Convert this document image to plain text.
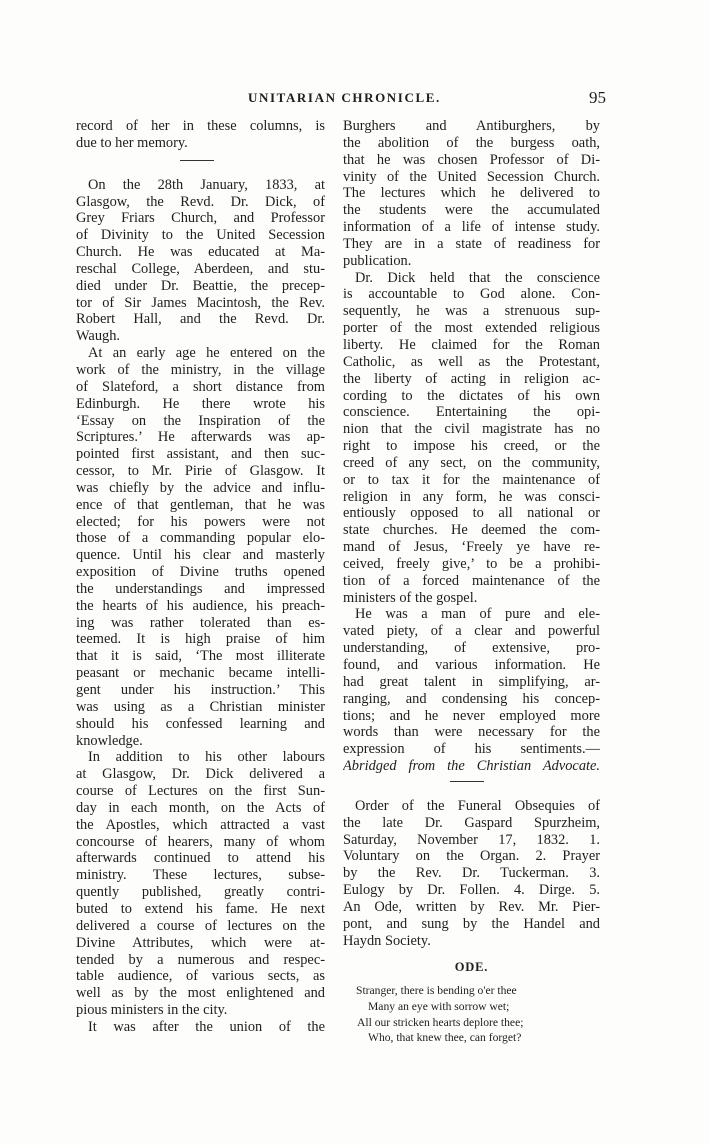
UNITARIAN CHRONICLE.	95
record of her in these columns, is
due to her memory.
On the 28th January, 1833, at
Glasgow, the Revd. Dr. Dick, of
Grey Friars Church, and Professor
of Divinity to the United Secession
Church. He was educated at Ma-
reschal College, Aberdeen, and stu-
died under Dr. Beattie, the precep-
tor of Sir James Macintosh, the Rev.
Robert Hall, and the Revd. Dr.
Waugh.
At an early age he entered on the
work of the ministry, in the village
of Slateford, a short distance from
Edinburgh. He there wrote his
‘Essay on the Inspiration of the
Scriptures.’ He afterwards was ap-
pointed first assistant, and then suc-
cessor, to Mr. Pirie of Glasgow. It
was chiefly by the advice and influ-
ence of that gentleman, that he was
elected; for his powers were not
those of a commanding popular elo-
quence. Until his clear and masterly
exposition of Divine truths opened
the understandings and impressed
the hearts of his audience, his preach-
ing was rather tolerated than es-
teemed. It is high praise of him
that it is said, ‘The most illiterate
peasant or mechanic became intelli-
gent under his instruction.’ This
was using as a Christian minister
should his confessed learning and
knowledge.
In addition to his other labours
at Glasgow, Dr. Dick delivered a
course of Lectures on the first Sun-
day in each month, on the Acts of
the Apostles, which attracted a vast
concourse of hearers, many of whom
afterwards continued to attend his
ministry. These lectures, subse-
quently published, greatly contri-
buted to extend his fame. He next
delivered a course of lectures on the
Divine Attributes, which were at-
tended by a numerous and respec-
table audience, of various sects, as
well as by the most enlightened and
pious ministers in the city.
It was after the union of the
Burghers and Antiburghers, by
the abolition of the burgess oath,
that he was chosen Professor of Di-
vinity of the United Secession Church.
The lectures which he delivered to
the students were the accumulated
information of a life of intense study.
They are in a state of readiness for
publication.
Dr. Dick held that the conscience
is accountable to God alone. Con-
sequently, he was a strenuous sup-
porter of the most extended religious
liberty. He claimed for the Roman
Catholic, as well as the Protestant,
the liberty of acting in religion ac-
cording to the dictates of his own
conscience. Entertaining the opi-
nion that the civil magistrate has no
right to impose his creed, or the
creed of any sect, on the community,
or to tax it for the maintenance of
religion in any form, he was consci-
entiously opposed to all national or
state churches. He deemed the com-
mand of Jesus, ‘Freely ye have re-
ceived, freely give,’ to be a prohibi-
tion of a forced maintenance of the
ministers of the gospel.
He was a man of pure and ele-
vated piety, of a clear and powerful
understanding, of extensive, pro-
found, and various information. He
had great talent in simplifying, ar-
ranging, and condensing his concep-
tions; and he never employed more
words than were necessary for the
expression of his sentiments.—
Abridged from the Christian Advocate.
Order of the Funeral Obsequies of
the late Dr. Gaspard Spurzheim,
Saturday, November 17, 1832. 1.
Voluntary on the Organ. 2. Prayer
by the Rev. Dr. Tuckerman. 3.
Eulogy by Dr. Follen. 4. Dirge. 5.
An Ode, written by Rev. Mr. Pier-
pont, and sung by the Handel and
Haydn Society.
ODE.
Stranger, there is bending o'er thee
Many an eye with sorrow wet;
All our stricken hearts deplore thee;
Who, that knew thee, can forget?
